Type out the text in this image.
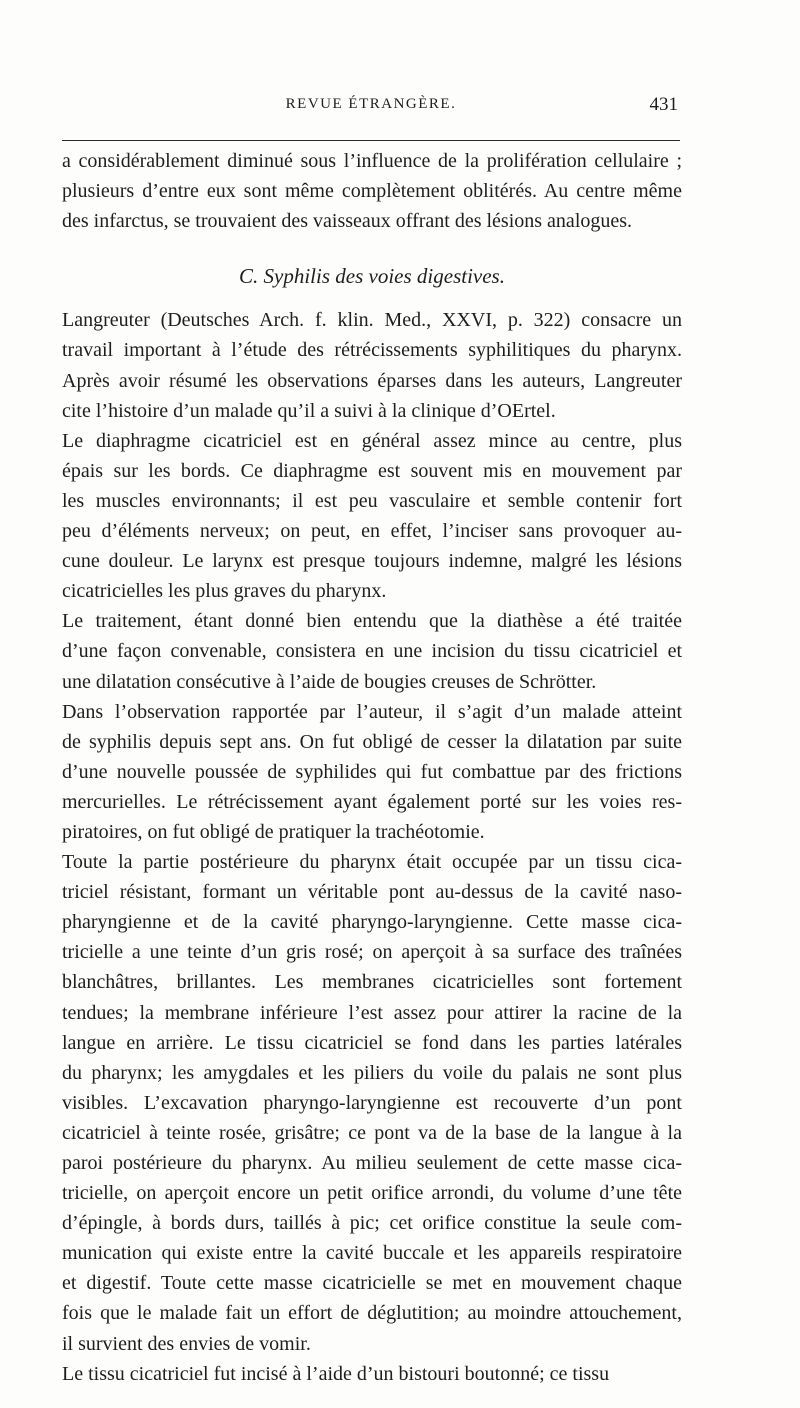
REVUE ÉTRANGÈRE.	431
a considérablement diminué sous l’influence de la prolifération cellulaire ;
plusieurs d’entre eux sont même complètement oblitérés. Au centre même
des infarctus, se trouvaient des vaisseaux offrant des lésions analogues.
C. Syphilis des voies digestives.
Langreuter (Deutsches Arch. f. klin. Med., XXVI, p. 322) consacre un
travail important à l’étude des rétrécissements syphilitiques du pharynx.
Après avoir résumé les observations éparses dans les auteurs, Langreuter
cite l’histoire d’un malade qu’il a suivi à la clinique d’OErtel.
Le diaphragme cicatriciel est en général assez mince au centre, plus
épais sur les bords. Ce diaphragme est souvent mis en mouvement par
les muscles environnants; il est peu vasculaire et semble contenir fort
peu d’éléments nerveux; on peut, en effet, l’inciser sans provoquer au-
cune douleur. Le larynx est presque toujours indemne, malgré les lésions
cicatricielles les plus graves du pharynx.
Le traitement, étant donné bien entendu que la diathèse a été traitée
d’une façon convenable, consistera en une incision du tissu cicatriciel et
une dilatation consécutive à l’aide de bougies creuses de Schrötter.
Dans l’observation rapportée par l’auteur, il s’agit d’un malade atteint
de syphilis depuis sept ans. On fut obligé de cesser la dilatation par suite
d’une nouvelle poussée de syphilides qui fut combattue par des frictions
mercurielles. Le rétrécissement ayant également porté sur les voies res-
piratoires, on fut obligé de pratiquer la trachéotomie.
Toute la partie postérieure du pharynx était occupée par un tissu cica-
triciel résistant, formant un véritable pont au-dessus de la cavité naso-
pharyngienne et de la cavité pharyngo-laryngienne. Cette masse cica-
tricielle a une teinte d’un gris rosé; on aperçoit à sa surface des traînées
blanchâtres, brillantes. Les membranes cicatricielles sont fortement
tendues; la membrane inférieure l’est assez pour attirer la racine de la
langue en arrière. Le tissu cicatriciel se fond dans les parties latérales
du pharynx; les amygdales et les piliers du voile du palais ne sont plus
visibles. L’excavation pharyngo-laryngienne est recouverte d’un pont
cicatriciel à teinte rosée, grisâtre; ce pont va de la base de la langue à la
paroi postérieure du pharynx. Au milieu seulement de cette masse cica-
tricielle, on aperçoit encore un petit orifice arrondi, du volume d’une tête
d’épingle, à bords durs, taillés à pic; cet orifice constitue la seule com-
munication qui existe entre la cavité buccale et les appareils respiratoire
et digestif. Toute cette masse cicatricielle se met en mouvement chaque
fois que le malade fait un effort de déglutition; au moindre attouchement,
il survient des envies de vomir.
Le tissu cicatriciel fut incisé à l’aide d’un bistouri boutonné; ce tissu
